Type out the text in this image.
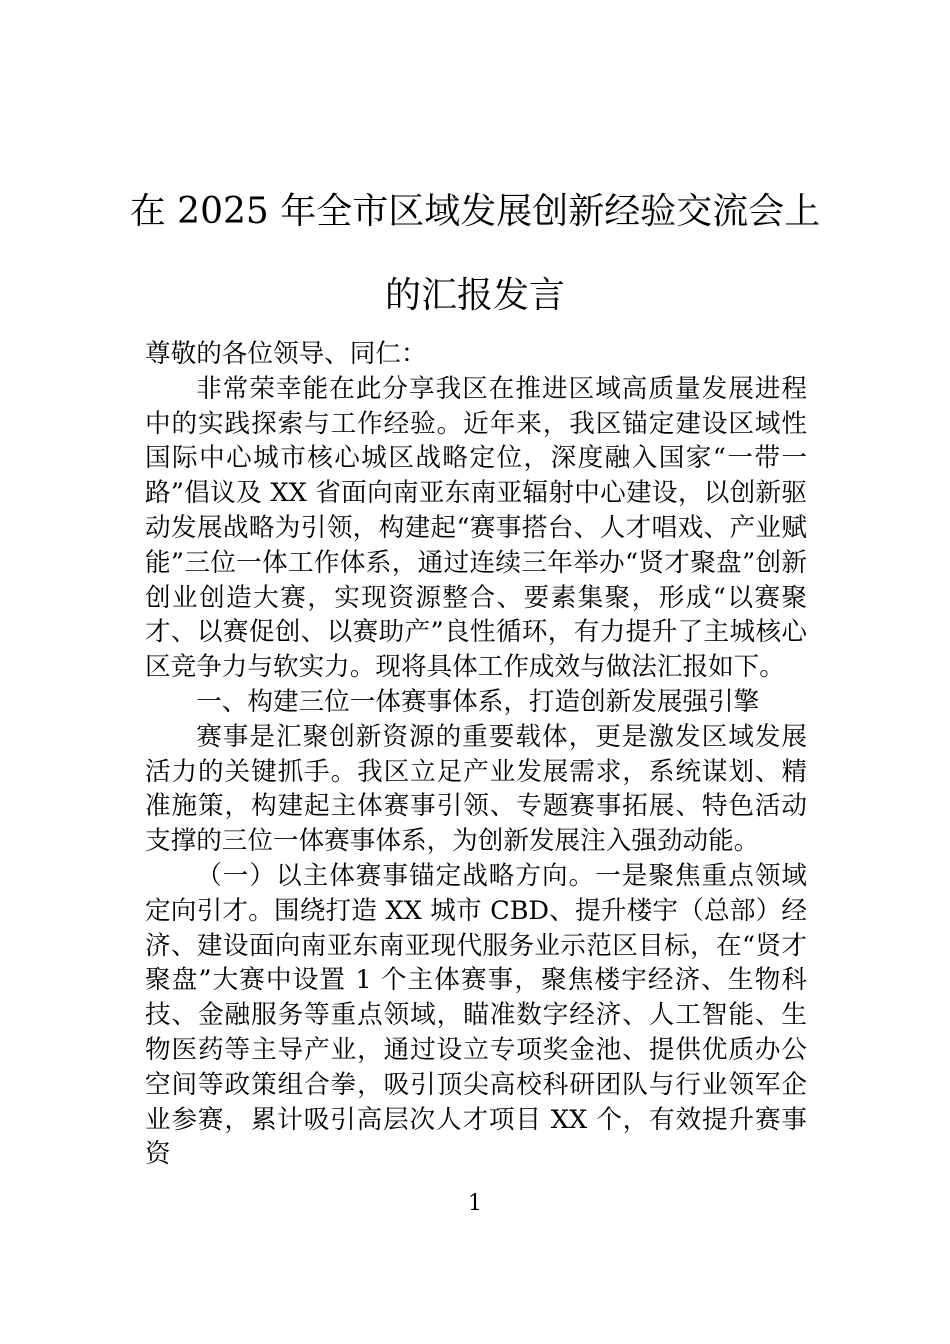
在 2025 年全市区域发展创新经验交流会上
的汇报发言

尊敬的各位领导、同仁：

非常荣幸能在此分享我区在推进区域高质量发展进程中的实践探索与工作经验。近年来，我区锚定建设区域性国际中心城市核心城区战略定位，深度融入国家“一带一路”倡议及 XX 省面向南亚东南亚辐射中心建设，以创新驱动发展战略为引领，构建起“赛事搭台、人才唱戏、产业赋能”三位一体工作体系，通过连续三年举办“贤才聚盘”创新创业创造大赛，实现资源整合、要素集聚，形成“以赛聚才、以赛促创、以赛助产”良性循环，有力提升了主城核心区竞争力与软实力。现将具体工作成效与做法汇报如下。

一、构建三位一体赛事体系，打造创新发展强引擎

赛事是汇聚创新资源的重要载体，更是激发区域发展活力的关键抓手。我区立足产业发展需求，系统谋划、精准施策，构建起主体赛事引领、专题赛事拓展、特色活动支撑的三位一体赛事体系，为创新发展注入强劲动能。

（一）以主体赛事锚定战略方向。一是聚焦重点领域定向引才。围绕打造 XX 城市 CBD、提升楼宇（总部）经济、建设面向南亚东南亚现代服务业示范区目标，在“贤才聚盘”大赛中设置 1 个主体赛事，聚焦楼宇经济、生物科技、金融服务等重点领域，瞄准数字经济、人工智能、生物医药等主导产业，通过设立专项奖金池、提供优质办公空间等政策组合拳，吸引顶尖高校科研团队与行业领军企业参赛，累计吸引高层次人才项目 XX 个，有效提升赛事资

1
